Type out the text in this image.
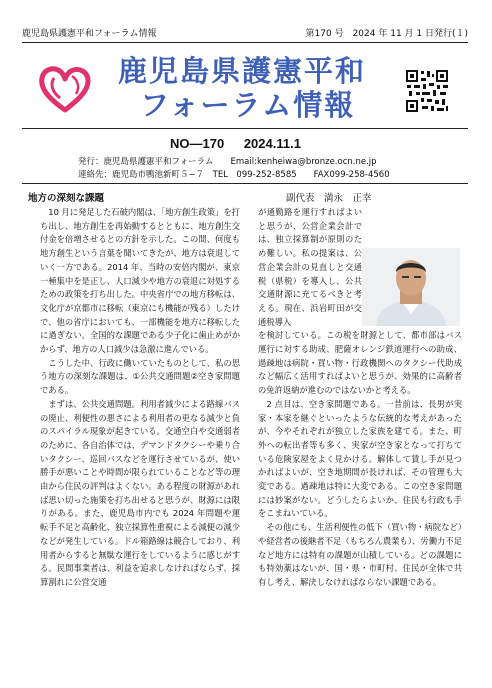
鹿児島県護憲平和フォーラム情報	第170 号　2024 年 11 月 1 日発行(１)
鹿児島県護憲平和
フォーラム情報
NO―170 2024.11.1
発行：鹿児島県護憲平和フォーラム　　Email:kenheiwa@bronze.ocn.ne.jp
連絡先：鹿児島市鴨池新町５−７　TEL　099-252-8585　　FAX099-258-4560
地方の深刻な課題	副代表　満永　正幸

　10 月に発足した石破内閣は、「地方創生政策」を打ち出し、地方創生を再始動するとともに、地方創生交付金を倍増させるとの方針を示した。この間、何度も地方創生という言葉を聞いてきたが、地方は衰退していく一方である。2014 年、当時の安倍内閣が、東京一極集中を是正し、人口減少や地方の衰退に対処するための政策を打ち出した。中央省庁での地方移転は、文化庁が京都市に移転（東京にも機能が残る）したけで、他の省庁においても、一部機能を地方に移転したに過ぎない。全国的な課題である少子化に歯止めがかからず、地方の人口減少は急激に進んでいる。

　こうした中、行政に働いていたものとして、私の思う地方の深刻な課題は、①公共交通問題②空き家問題である。

　まずは、公共交通問題。利用者減少による路線バスの廃止、利便性の悪さによる利用者の更なる減少と負のスパイラル現象が起きている。交通空白や交通弱者のために、各自治体では、デマンドタクシーや乗り合いタクシー、巡回バスなどを運行させているが、使い勝手が悪いことや時間が限られていることなど等の理由から住民の評判はよくない。ある程度の財源があれば思い切った施策を打ち出せると思うが、財源には限りがある。また、鹿児島市内でも 2024 年問題や運転手不足と高齢化、独立採算性重視による減便の減少などが発生している。ドル箱路線は競合しており、利用者からすると無駄な運行をしているように感じがする。民間事業者は、利益を追求しなければならず、採算割れに公営交通

が通勤路を運行すればよいと思うが、公営企業会計では、独立採算制が原則のため難しい。私の提案は、公営企業会計の見直しと交通税（県税）を導入し、公共交通財源に充てるべきと考える。現在、浜岩町田が交通税導入

を検討している。この税を財源として、都市部はバス運行に対する助成、肥薩オレンジ鉄道運行への助成、過疎地は病院・買い物・行政機関へのタクシー代助成など幅広く活用すればよいと思うが、効果的に高齢者の免許返納が進むのではないかと考える。

　2 点目は、空き家問題である。一昔前は、長男が実家・本家を継ぐといったような伝統的な考えがあったが、今やそれぞれが独立した家族を建てる。また、町外への転出者等も多く、実家が空き家となって打ちている危険家屋をよく見かける。解体して賃し手が見つかればよいが、空き地期間が長ければ、その管理も大変である。過疎地は特に大変である。この空き家問題には妙案がない。どうしたらよいか、住民も行政も手をこまねいている。

　その他にも、生活利便性の低下（買い物・病院など）や経営者の後継者不足（もちろん農業も）、労働力不足など地方には特有の課題が山積している。どの課題にも特効薬はないが、国・県・市町村、住民が全体で共有し考え、解決しなければならない課題である。
